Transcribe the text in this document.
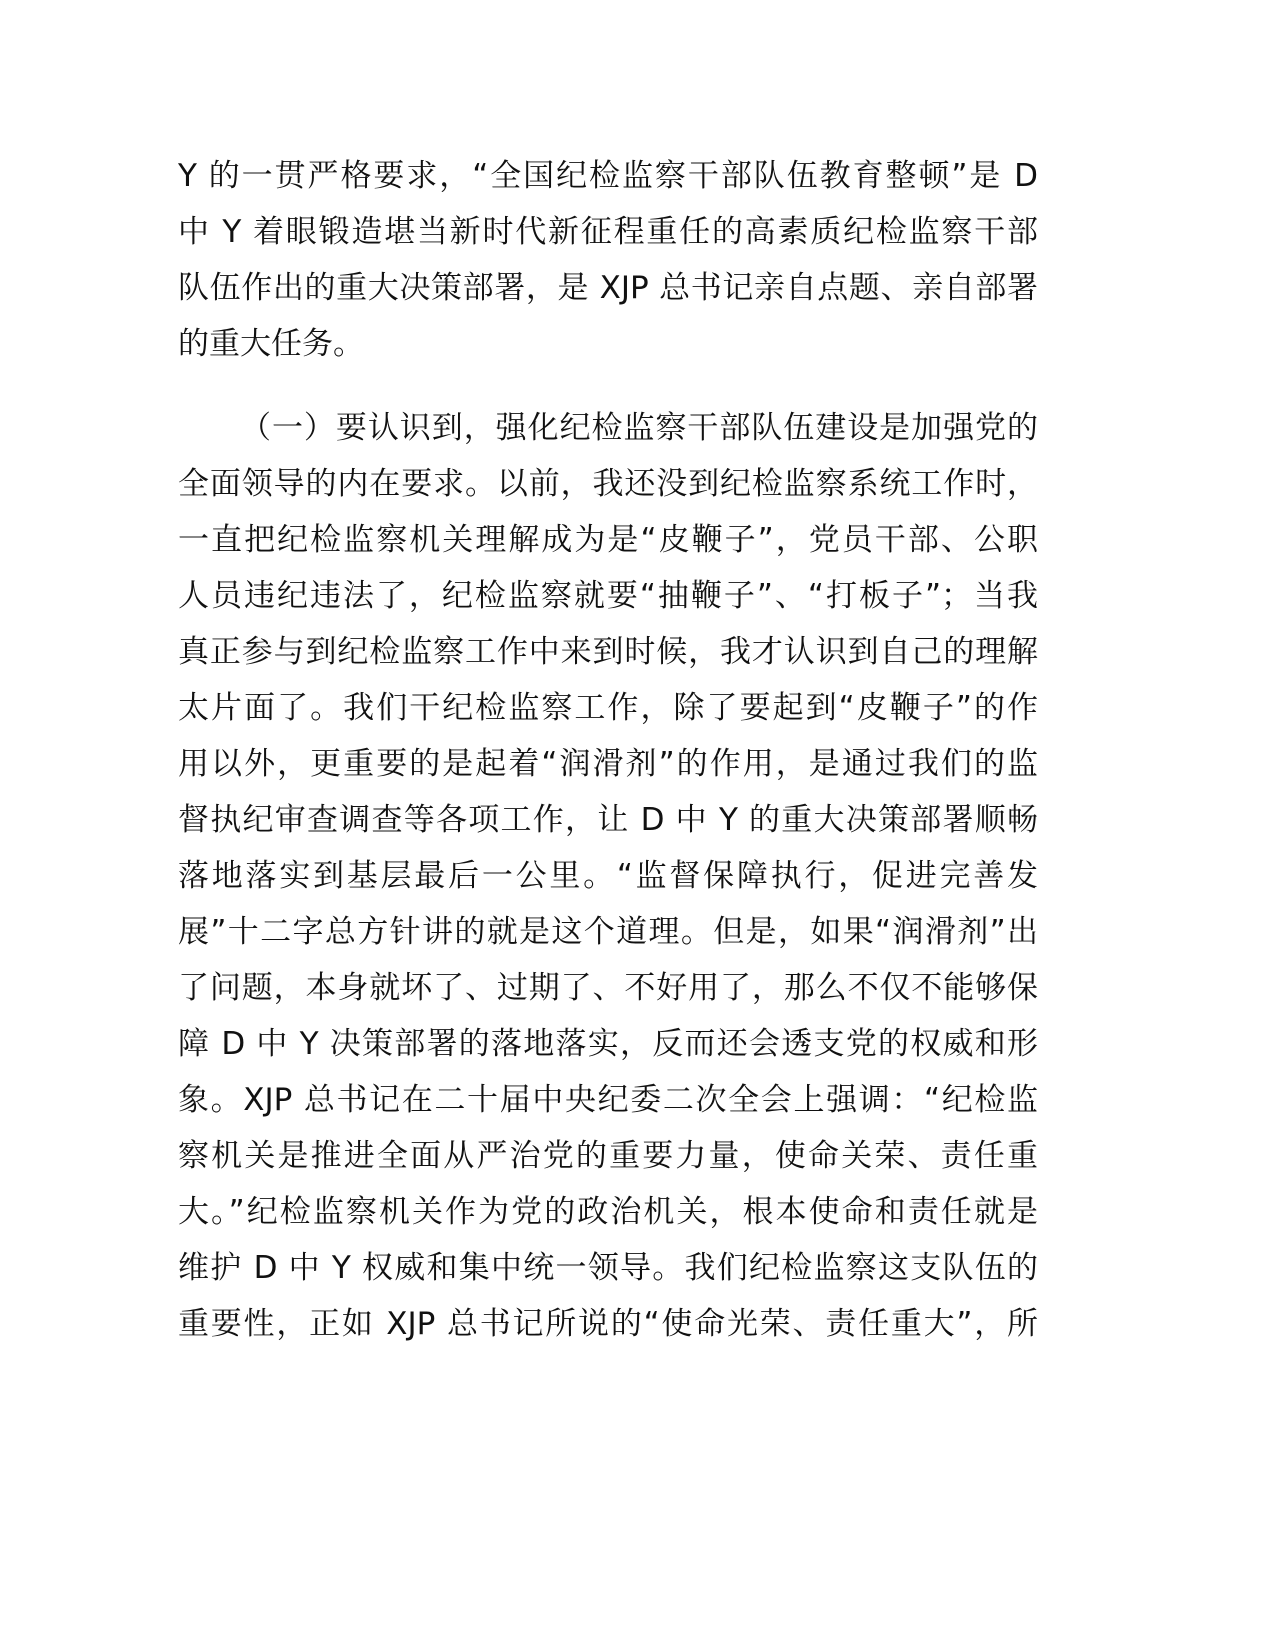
Y 的一贯严格要求，“全国纪检监察干部队伍教育整顿”是 D
中 Y 着眼锻造堪当新时代新征程重任的高素质纪检监察干部
队伍作出的重大决策部署，是 XJP 总书记亲自点题、亲自部署
的重大任务。
（一）要认识到，强化纪检监察干部队伍建设是加强党的
全面领导的内在要求。以前，我还没到纪检监察系统工作时，
一直把纪检监察机关理解成为是“皮鞭子”，党员干部、公职
人员违纪违法了，纪检监察就要“抽鞭子”、“打板子”；当我
真正参与到纪检监察工作中来到时候，我才认识到自己的理解
太片面了。我们干纪检监察工作，除了要起到“皮鞭子”的作
用以外，更重要的是起着“润滑剂”的作用，是通过我们的监
督执纪审查调查等各项工作，让 D 中 Y 的重大决策部署顺畅
落地落实到基层最后一公里。“监督保障执行，促进完善发
展”十二字总方针讲的就是这个道理。但是，如果“润滑剂”出
了问题，本身就坏了、过期了、不好用了，那么不仅不能够保
障 D 中 Y 决策部署的落地落实，反而还会透支党的权威和形
象。XJP 总书记在二十届中央纪委二次全会上强调：“纪检监
察机关是推进全面从严治党的重要力量，使命关荣、责任重
大。”纪检监察机关作为党的政治机关，根本使命和责任就是
维护 D 中 Y 权威和集中统一领导。我们纪检监察这支队伍的
重要性，正如 XJP 总书记所说的“使命光荣、责任重大”，所
